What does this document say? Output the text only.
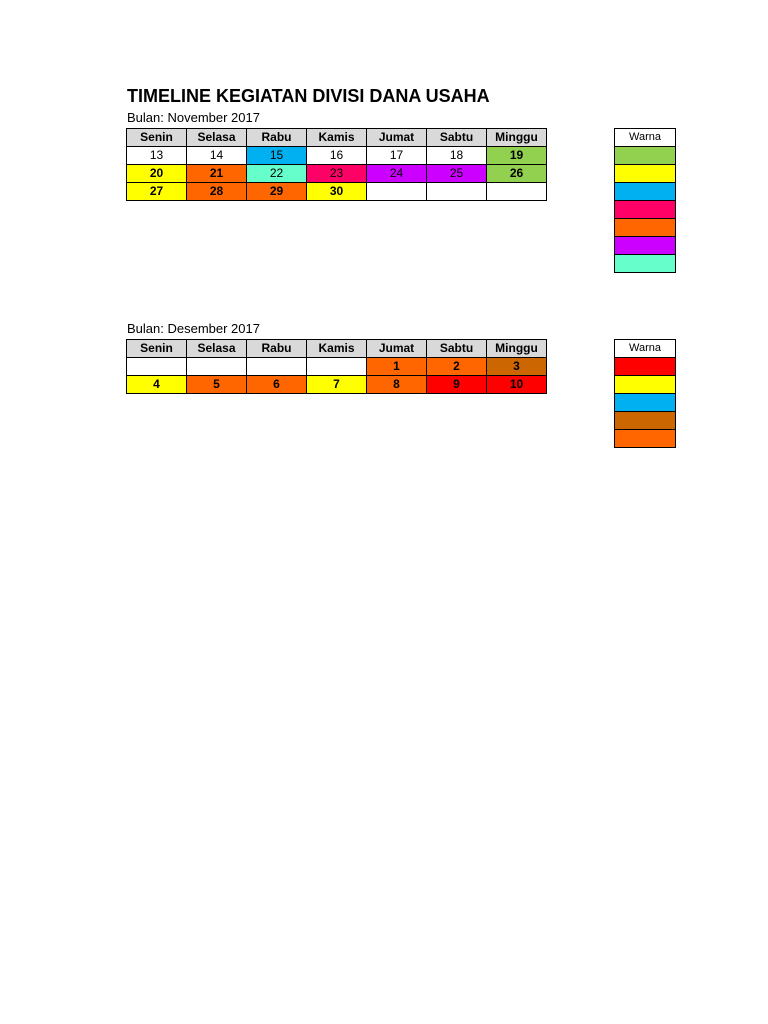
TIMELINE KEGIATAN DIVISI DANA USAHA
Bulan: November 2017
Senin	Selasa	Rabu	Kamis	Jumat	Sabtu	Minggu
13	14	15	16	17	18	19
20	21	22	23	24	25	26
27	28	29	30			
Warna

Bulan: Desember 2017
Senin	Selasa	Rabu	Kamis	Jumat	Sabtu	Minggu
				1	2	3
4	5	6	7	8	9	10
Warna
